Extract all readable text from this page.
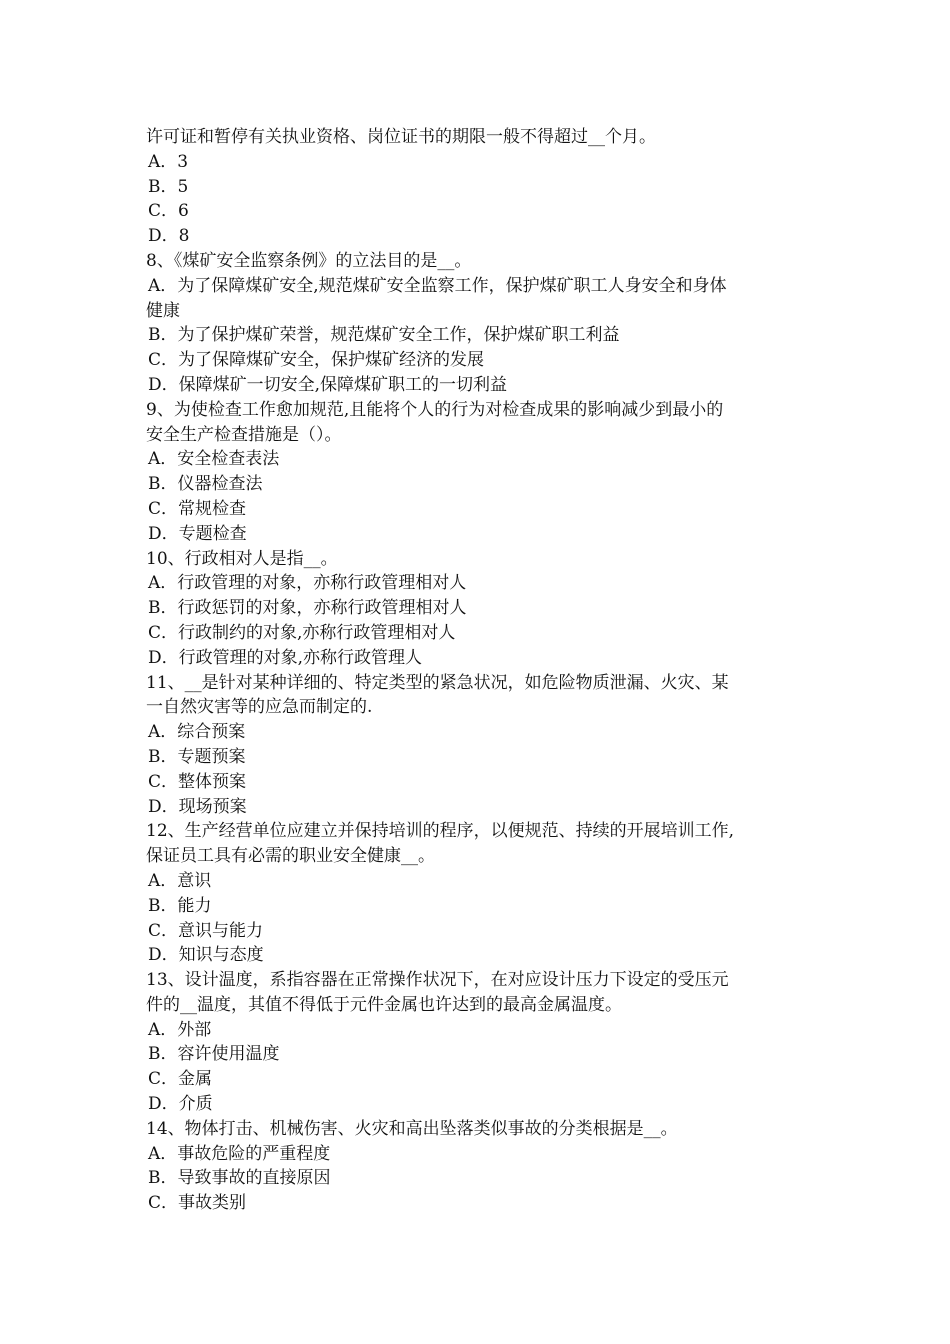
许可证和暂停有关执业资格、岗位证书的期限一般不得超过__个月。
A．3
B．5
C．6
D．8
8、《煤矿安全监察条例》的立法目的是__。
A．为了保障煤矿安全,规范煤矿安全监察工作，保护煤矿职工人身安全和身体
健康
B．为了保护煤矿荣誉，规范煤矿安全工作，保护煤矿职工利益
C．为了保障煤矿安全，保护煤矿经济的发展
D．保障煤矿一切安全,保障煤矿职工的一切利益
9、为使检查工作愈加规范,且能将个人的行为对检查成果的影响减少到最小的
安全生产检查措施是（）。
A．安全检查表法
B．仪器检查法
C．常规检查
D．专题检查
10、行政相对人是指__。
A．行政管理的对象，亦称行政管理相对人
B．行政惩罚的对象，亦称行政管理相对人
C．行政制约的对象,亦称行政管理相对人
D．行政管理的对象,亦称行政管理人
11、__是针对某种详细的、特定类型的紧急状况，如危险物质泄漏、火灾、某
一自然灾害等的应急而制定的.
A．综合预案
B．专题预案
C．整体预案
D．现场预案
12、生产经营单位应建立并保持培训的程序，以便规范、持续的开展培训工作,
保证员工具有必需的职业安全健康__。
A．意识
B．能力
C．意识与能力
D．知识与态度
13、设计温度，系指容器在正常操作状况下，在对应设计压力下设定的受压元
件的__温度，其值不得低于元件金属也许达到的最高金属温度。
A．外部
B．容许使用温度
C．金属
D．介质
14、物体打击、机械伤害、火灾和高出坠落类似事故的分类根据是__。
A．事故危险的严重程度
B．导致事故的直接原因
C．事故类别
